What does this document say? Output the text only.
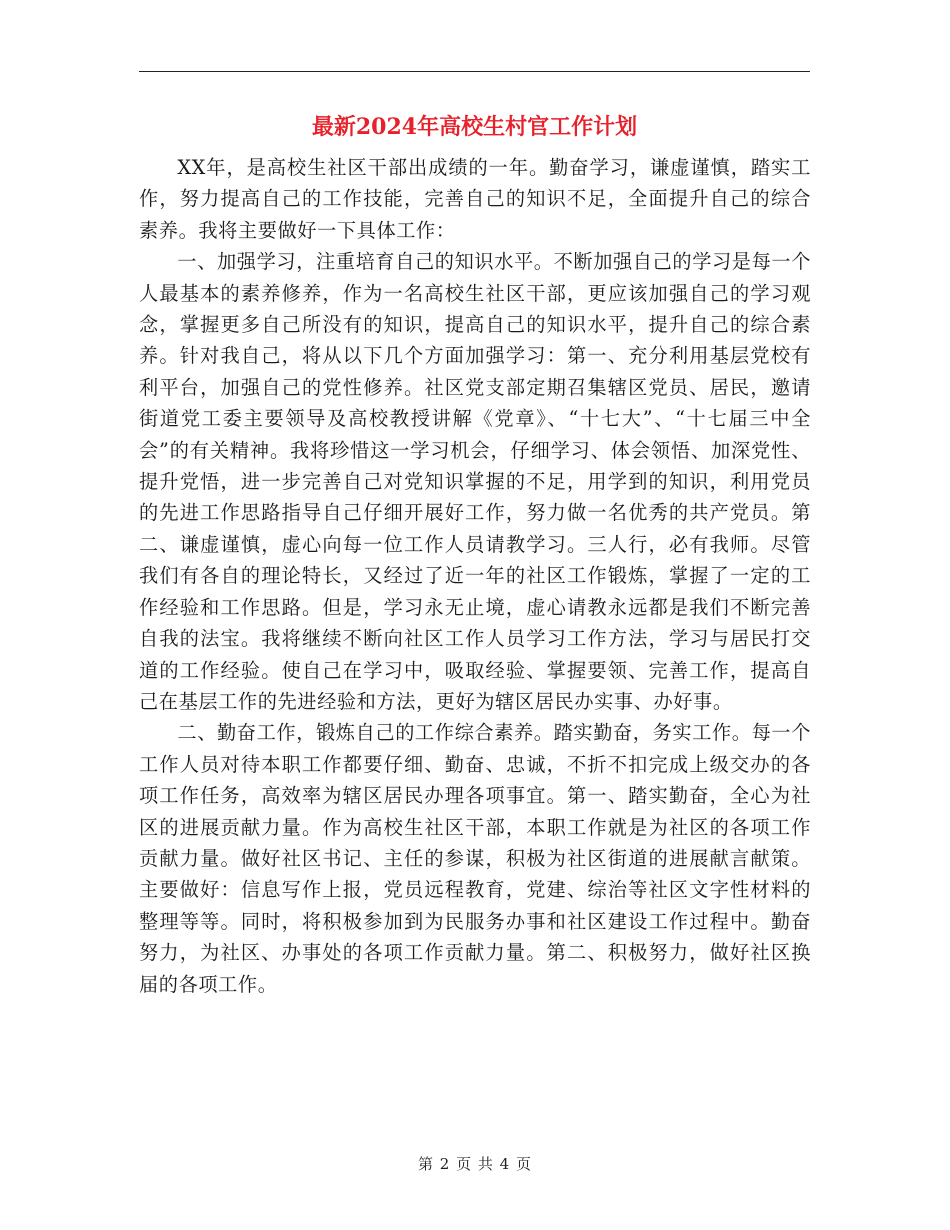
最新2024年高校生村官工作计划

XX年，是高校生社区干部出成绩的一年。勤奋学习，谦虚谨慎，踏实工作，努力提高自己的工作技能，完善自己的知识不足，全面提升自己的综合素养。我将主要做好一下具体工作：

一、加强学习，注重培育自己的知识水平。不断加强自己的学习是每一个人最基本的素养修养，作为一名高校生社区干部，更应该加强自己的学习观念，掌握更多自己所没有的知识，提高自己的知识水平，提升自己的综合素养。针对我自己，将从以下几个方面加强学习：第一、充分利用基层党校有利平台，加强自己的党性修养。社区党支部定期召集辖区党员、居民，邀请街道党工委主要领导及高校教授讲解《党章》、“十七大”、“十七届三中全会”的有关精神。我将珍惜这一学习机会，仔细学习、体会领悟、加深党性、提升党悟，进一步完善自己对党知识掌握的不足，用学到的知识，利用党员的先进工作思路指导自己仔细开展好工作，努力做一名优秀的共产党员。第二、谦虚谨慎，虚心向每一位工作人员请教学习。三人行，必有我师。尽管我们有各自的理论特长，又经过了近一年的社区工作锻炼，掌握了一定的工作经验和工作思路。但是，学习永无止境，虚心请教永远都是我们不断完善自我的法宝。我将继续不断向社区工作人员学习工作方法，学习与居民打交道的工作经验。使自己在学习中，吸取经验、掌握要领、完善工作，提高自己在基层工作的先进经验和方法，更好为辖区居民办实事、办好事。

二、勤奋工作，锻炼自己的工作综合素养。踏实勤奋，务实工作。每一个工作人员对待本职工作都要仔细、勤奋、忠诚，不折不扣完成上级交办的各项工作任务，高效率为辖区居民办理各项事宜。第一、踏实勤奋，全心为社区的进展贡献力量。作为高校生社区干部，本职工作就是为社区的各项工作贡献力量。做好社区书记、主任的参谋，积极为社区街道的进展献言献策。主要做好：信息写作上报，党员远程教育，党建、综治等社区文字性材料的整理等等。同时，将积极参加到为民服务办事和社区建设工作过程中。勤奋努力，为社区、办事处的各项工作贡献力量。第二、积极努力，做好社区换届的各项工作。

第 2 页 共 4 页
